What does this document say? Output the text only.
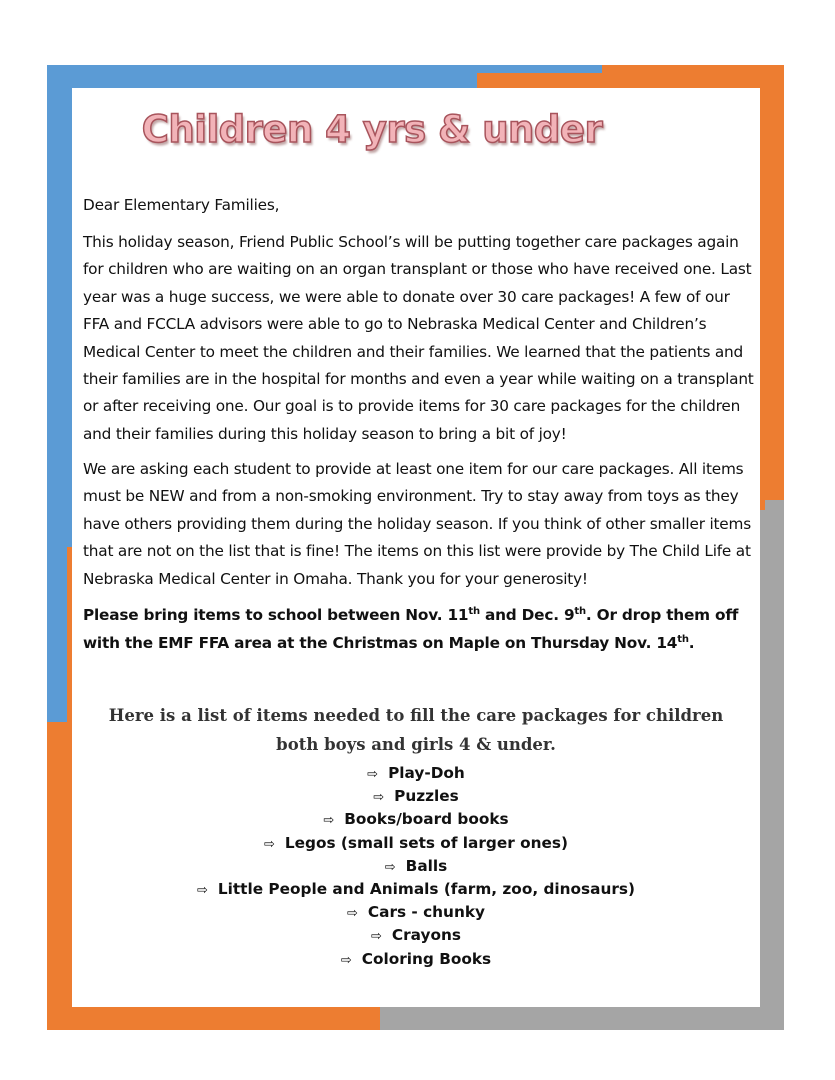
Children 4 yrs & under
Dear Elementary Families,
This holiday season, Friend Public School’s will be putting together care packages again for children who are waiting on an organ transplant or those who have received one. Last year was a huge success, we were able to donate over 30 care packages! A few of our FFA and FCCLA advisors were able to go to Nebraska Medical Center and Children’s Medical Center to meet the children and their families. We learned that the patients and their families are in the hospital for months and even a year while waiting on a transplant or after receiving one. Our goal is to provide items for 30 care packages for the children and their families during this holiday season to bring a bit of joy!
We are asking each student to provide at least one item for our care packages. All items must be NEW and from a non-smoking environment. Try to stay away from toys as they have others providing them during the holiday season. If you think of other smaller items that are not on the list that is fine! The items on this list were provide by The Child Life at Nebraska Medical Center in Omaha. Thank you for your generosity!
Please bring items to school between Nov. 11th and Dec. 9th. Or drop them off with the EMF FFA area at the Christmas on Maple on Thursday Nov. 14th.
Here is a list of items needed to fill the care packages for children
both boys and girls 4 & under.
⇨ Play-Doh
⇨ Puzzles
⇨ Books/board books
⇨ Legos (small sets of larger ones)
⇨ Balls
⇨ Little People and Animals (farm, zoo, dinosaurs)
⇨ Cars - chunky
⇨ Crayons
⇨ Coloring Books
